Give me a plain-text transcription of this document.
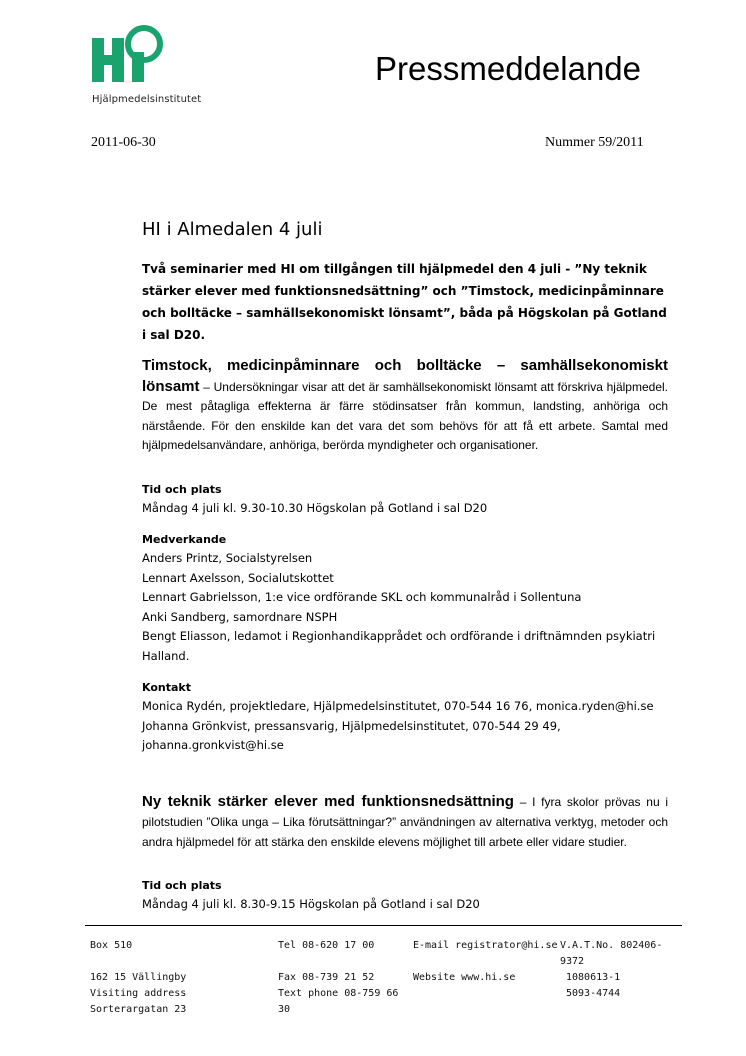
Hjälpmedelsinstitutet
Pressmeddelande
2011-06-30	Nummer 59/2011
HI i Almedalen 4 juli
Två seminarier med HI om tillgången till hjälpmedel den 4 juli - ”Ny teknik stärker elever med funktionsnedsättning” och ”Timstock, medicinpåminnare och bolltäcke – samhällsekonomiskt lönsamt”, båda på Högskolan på Gotland i sal D20.
Timstock, medicinpåminnare och bolltäcke – samhällsekonomiskt lönsamt – Undersökningar visar att det är samhällsekonomiskt lönsamt att förskriva hjälpmedel. De mest påtagliga effekterna är färre stödinsatser från kommun, landsting, anhöriga och närstående. För den enskilde kan det vara det som behövs för att få ett arbete. Samtal med hjälpmedelsanvändare, anhöriga, berörda myndigheter och organisationer.
Tid och plats
Måndag 4 juli kl. 9.30-10.30 Högskolan på Gotland i sal D20
Medverkande
Anders Printz, Socialstyrelsen
Lennart Axelsson, Socialutskottet
Lennart Gabrielsson, 1:e vice ordförande SKL och kommunalråd i Sollentuna
Anki Sandberg, samordnare NSPH
Bengt Eliasson, ledamot i Regionhandikapprådet och ordförande i driftnämnden psykiatri Halland.
Kontakt
Monica Rydén, projektledare, Hjälpmedelsinstitutet, 070-544 16 76, monica.ryden@hi.se
Johanna Grönkvist, pressansvarig, Hjälpmedelsinstitutet, 070-544 29 49, johanna.gronkvist@hi.se
Ny teknik stärker elever med funktionsnedsättning – I fyra skolor prövas nu i pilotstudien ”Olika unga – Lika förutsättningar?” användningen av alternativa verktyg, metoder och andra hjälpmedel för att stärka den enskilde elevens möjlighet till arbete eller vidare studier.
Tid och plats
Måndag 4 juli kl. 8.30-9.15 Högskolan på Gotland i sal D20
Box 510
162 15 Vällingby
Visiting address Sorterargatan 23
Tel 08-620 17 00
Fax 08-739 21 52
Text phone 08-759 66 30
E-mail registrator@hi.se
Website www.hi.se
V.A.T.No. 802406-9372
1080613-1
5093-4744
